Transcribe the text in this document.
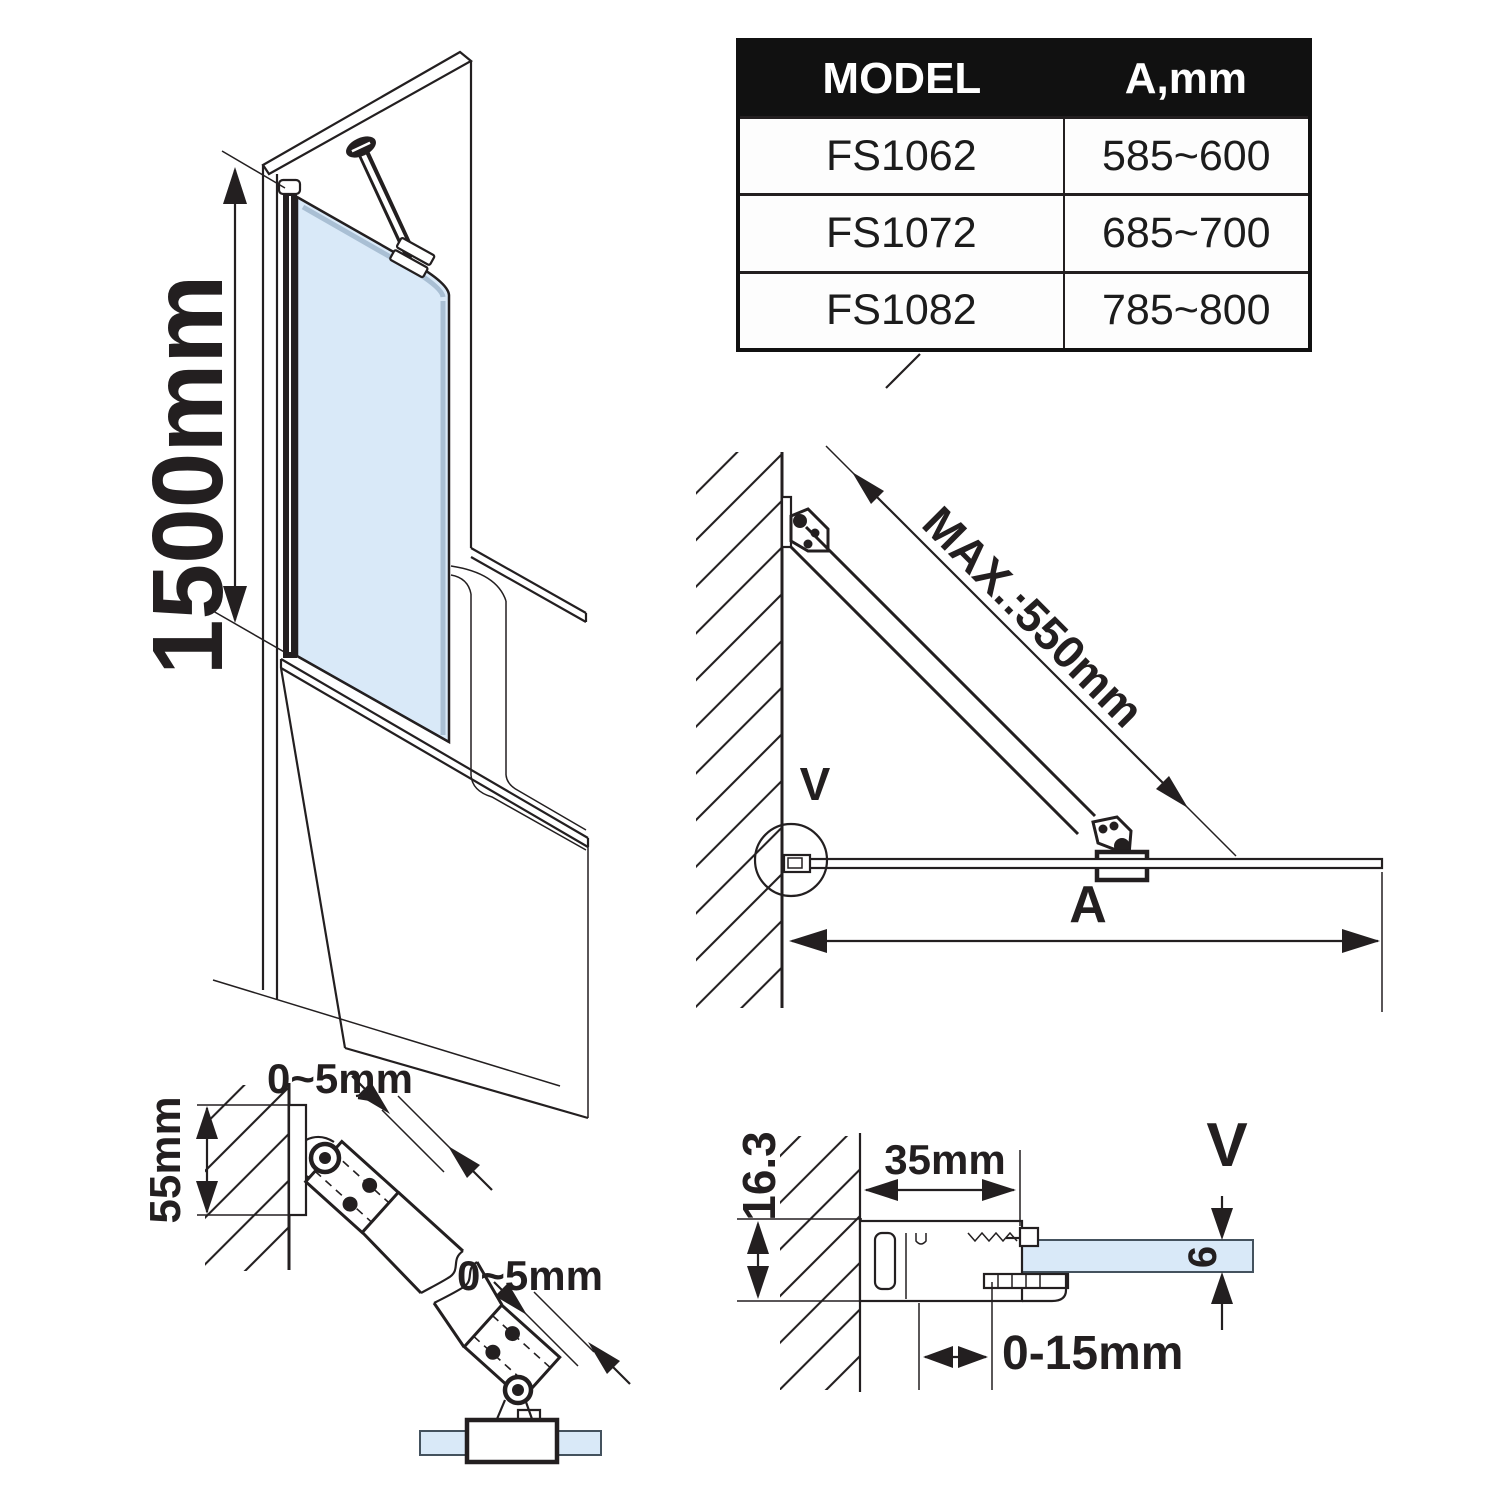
1500mm
V
MAX.:550mm
A
55mm
0~5mm
0~5mm
16.3 35mm
6
0-15mm
V
MODEL	A,mm
FS1062	585~600
FS1072	685~700
FS1082	785~800
